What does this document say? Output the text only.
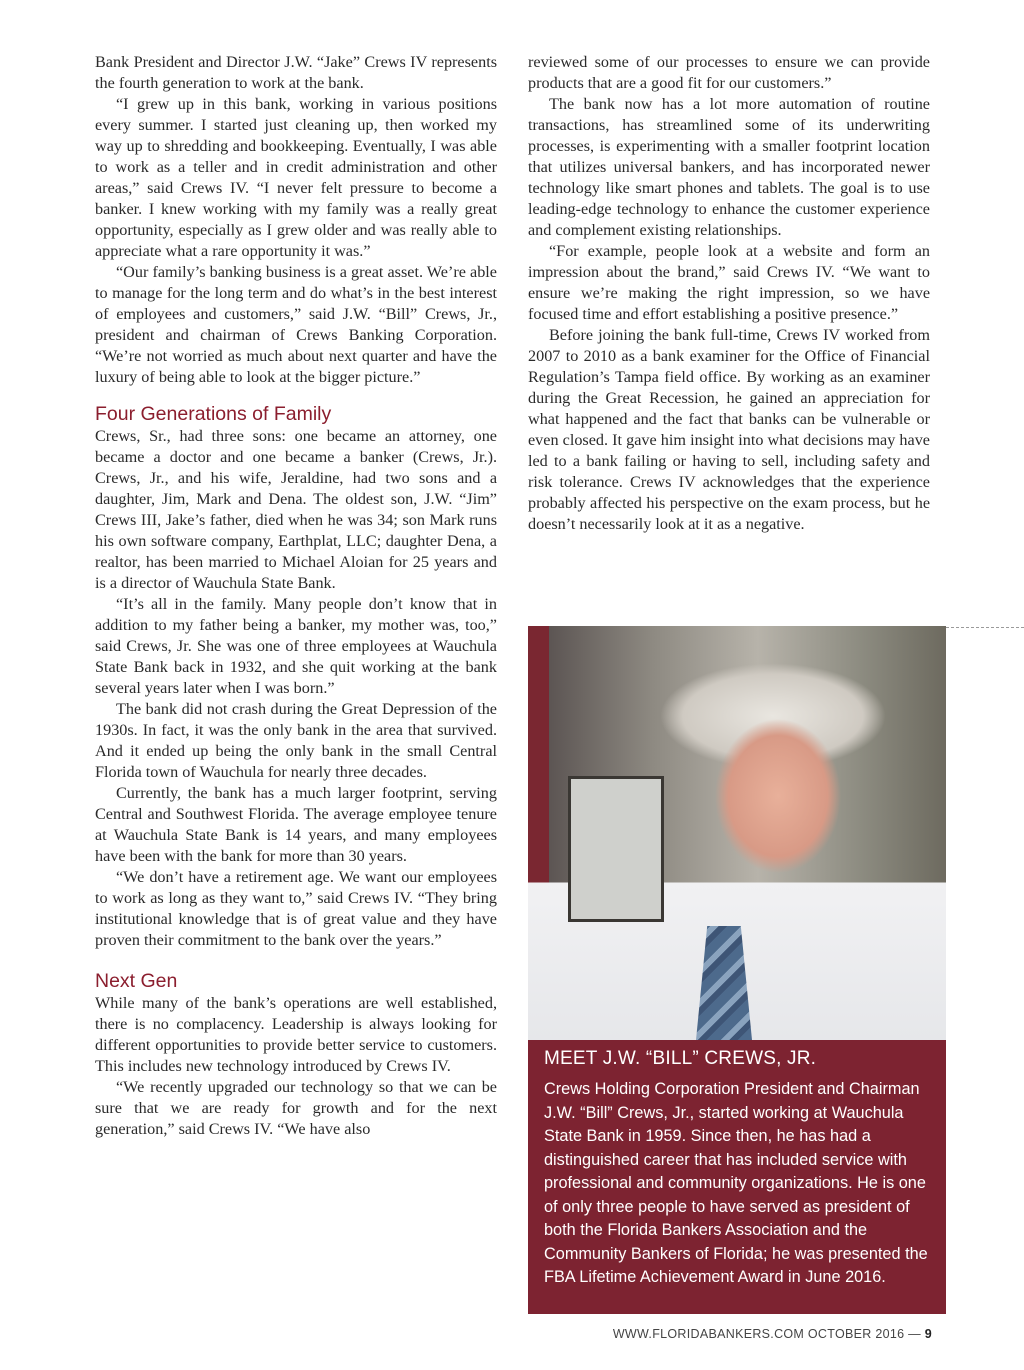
Bank President and Director J.W. “Jake” Crews IV represents the fourth generation to work at the bank.

“I grew up in this bank, working in various positions every summer. I started just cleaning up, then worked my way up to shredding and bookkeeping. Eventually, I was able to work as a teller and in credit administration and other areas,” said Crews IV. “I never felt pressure to become a banker. I knew working with my family was a really great opportunity, especially as I grew older and was really able to appreciate what a rare opportunity it was.”

“Our family’s banking business is a great asset. We’re able to manage for the long term and do what’s in the best interest of employees and customers,” said J.W. “Bill” Crews, Jr., president and chairman of Crews Banking Corporation. “We’re not worried as much about next quarter and have the luxury of being able to look at the bigger picture.”

Four Generations of Family

Crews, Sr., had three sons: one became an attorney, one became a doctor and one became a banker (Crews, Jr.). Crews, Jr., and his wife, Jeraldine, had two sons and a daughter, Jim, Mark and Dena. The oldest son, J.W. “Jim” Crews III, Jake’s father, died when he was 34; son Mark runs his own software company, Earthplat, LLC; daughter Dena, a realtor, has been married to Michael Aloian for 25 years and is a director of Wauchula State Bank.

“It’s all in the family. Many people don’t know that in addition to my father being a banker, my mother was, too,” said Crews, Jr. She was one of three employees at Wauchula State Bank back in 1932, and she quit working at the bank several years later when I was born.”

The bank did not crash during the Great Depression of the 1930s. In fact, it was the only bank in the area that survived. And it ended up being the only bank in the small Central Florida town of Wauchula for nearly three decades.

Currently, the bank has a much larger footprint, serving Central and Southwest Florida. The average employee tenure at Wauchula State Bank is 14 years, and many employees have been with the bank for more than 30 years.

“We don’t have a retirement age. We want our employees to work as long as they want to,” said Crews IV. “They bring institutional knowledge that is of great value and they have proven their commitment to the bank over the years.”

Next Gen

While many of the bank’s operations are well established, there is no complacency. Leadership is always looking for different opportunities to provide better service to customers. This includes new technology introduced by Crews IV.

“We recently upgraded our technology so that we can be sure that we are ready for growth and for the next generation,” said Crews IV. “We have also

reviewed some of our processes to ensure we can provide products that are a good fit for our customers.”

The bank now has a lot more automation of routine transactions, has streamlined some of its underwriting processes, is experimenting with a smaller footprint location that utilizes universal bankers, and has incorporated newer technology like smart phones and tablets. The goal is to use leading-edge technology to enhance the customer experience and complement existing relationships.

“For example, people look at a website and form an impression about the brand,” said Crews IV. “We want to ensure we’re making the right impression, so we have focused time and effort establishing a positive presence.”

Before joining the bank full-time, Crews IV worked from 2007 to 2010 as a bank examiner for the Office of Financial Regulation’s Tampa field office. By working as an examiner during the Great Recession, he gained an appreciation for what happened and the fact that banks can be vulnerable or even closed. It gave him insight into what decisions may have led to a bank failing or having to sell, including safety and risk tolerance. Crews IV acknowledges that the experience probably affected his perspective on the exam process, but he doesn’t necessarily look at it as a negative.

MEET J.W. “BILL” CREWS, JR.

Crews Holding Corporation President and Chairman J.W. “Bill” Crews, Jr., started working at Wauchula State Bank in 1959. Since then, he has had a distinguished career that has included service with professional and community organizations. He is one of only three people to have served as president of both the Florida Bankers Association and the Community Bankers of Florida; he was presented the FBA Lifetime Achievement Award in June 2016.

WWW.FLORIDABANKERS.COM OCTOBER 2016 — 9
